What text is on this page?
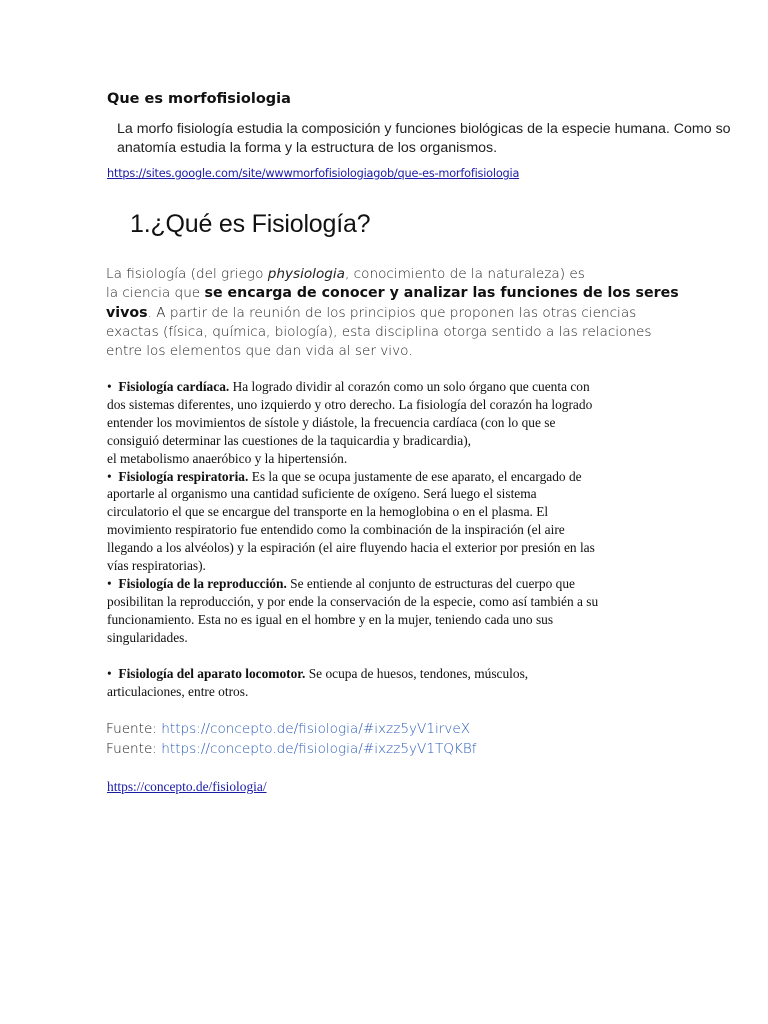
Que es morfofisiologia
La morfo fisiología estudia la composición y funciones biológicas de la especie humana. Como so
anatomía estudia la forma y la estructura de los organismos.
https://sites.google.com/site/wwwmorfofisiologiagob/que-es-morfofisiologia
1.¿Qué es Fisiología?
La fisiología (del griego physiologia, conocimiento de la naturaleza) es
la ciencia que se encarga de conocer y analizar las funciones de los seres
vivos. A partir de la reunión de los principios que proponen las otras ciencias
exactas (física, química, biología), esta disciplina otorga sentido a las relaciones
entre los elementos que dan vida al ser vivo.
• Fisiología cardíaca. Ha logrado dividir al corazón como un solo órgano que cuenta con
dos sistemas diferentes, uno izquierdo y otro derecho. La fisiología del corazón ha logrado
entender los movimientos de sístole y diástole, la frecuencia cardíaca (con lo que se
consiguió determinar las cuestiones de la taquicardia y bradicardia),
el metabolismo anaeróbico y la hipertensión.
• Fisiología respiratoria. Es la que se ocupa justamente de ese aparato, el encargado de
aportarle al organismo una cantidad suficiente de oxígeno. Será luego el sistema
circulatorio el que se encargue del transporte en la hemoglobina o en el plasma. El
movimiento respiratorio fue entendido como la combinación de la inspiración (el aire
llegando a los alvéolos) y la espiración (el aire fluyendo hacia el exterior por presión en las
vías respiratorias).
• Fisiología de la reproducción. Se entiende al conjunto de estructuras del cuerpo que
posibilitan la reproducción, y por ende la conservación de la especie, como así también a su
funcionamiento. Esta no es igual en el hombre y en la mujer, teniendo cada uno sus
singularidades.
• Fisiología del aparato locomotor. Se ocupa de huesos, tendones, músculos,
articulaciones, entre otros.
Fuente: https://concepto.de/fisiologia/#ixzz5yV1irveX
Fuente: https://concepto.de/fisiologia/#ixzz5yV1TQKBf
https://concepto.de/fisiologia/
